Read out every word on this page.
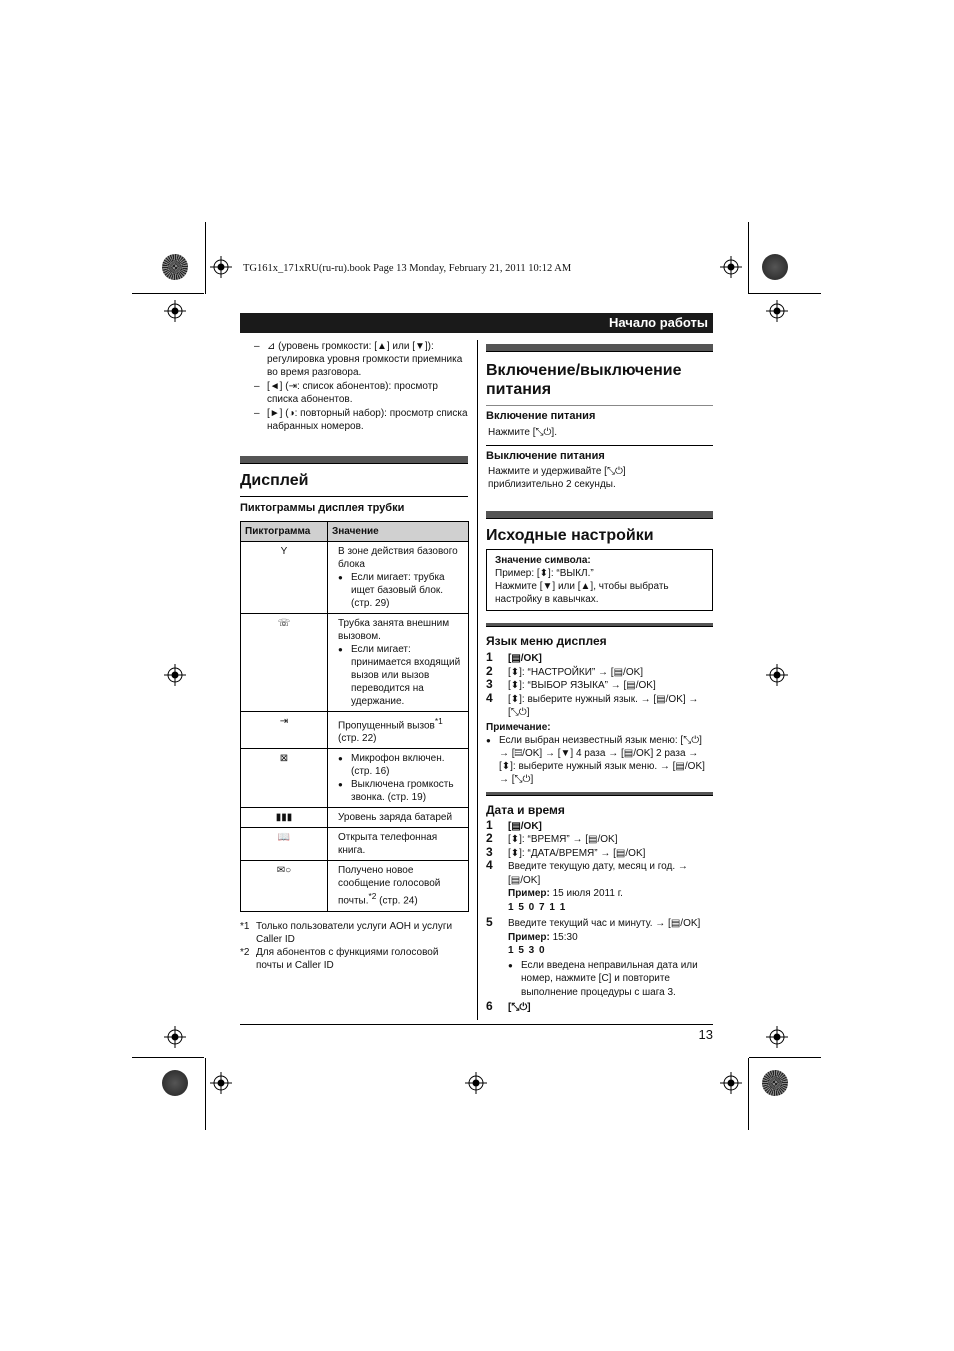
TG161x_171xRU(ru-ru).book Page 13 Monday, February 21, 2011 10:12 AM
Начало работы
– ⊿ (уровень громкости: [▲] или [▼]): регулировка уровня громкости приемника во время разговора.
– [◄] (⇥: список абонентов): просмотр списка абонентов.
– [►] (◑: повторный набор): просмотр списка набранных номеров.
Дисплей
Пиктограммы дисплея трубки
Пиктограмма	Значение
Y	В зоне действия базового блока
● Если мигает: трубка ищет базовый блок. (стр. 29)

☏	Трубка занята внешним вызовом.
● Если мигает: принимается входящий вызов или вызов переводится на удержание.

⇥	Пропущенный вызов$^{*1}$
(стр. 22)

⊠	● Микрофон включен. (стр. 16)
● Выключена громкость звонка. (стр. 19)

▮▮▮	Уровень заряда батарей

📖	Открыта телефонная книга.

✉○	Получено новое сообщение голосовой почты.$^{*2}$ (стр. 24)
*1 Только пользователи услуги АОН и услуги Caller ID
*2 Для абонентов с функциями голосовой почты и Caller ID
Включение/выключение питания
Включение питания
Нажмите [⤡⏻].
Выключение питания
Нажмите и удерживайте [⤡⏻] приблизительно 2 секунды.
Исходные настройки
Значение символа:
Пример: [⬍]: “ВЫКЛ.”
Нажмите [▼] или [▲], чтобы выбрать настройку в кавычках.
Язык меню дисплея
1 [▤/OK]
2 [⬍]: “НАСТРОЙКИ” → [▤/OK]
3 [⬍]: “ВЫБОР ЯЗЫКА” → [▤/OK]
4 [⬍]: выберите нужный язык. → [▤/OK] → [⤡⏻]
Примечание:
● Если выбран неизвестный язык меню: [⤡⏻] → [▤/OK] → [▼] 4 раза → [▤/OK] 2 раза → [⬍]: выберите нужный язык меню. → [▤/OK] → [⤡⏻]
Дата и время
1 [▤/OK]
2 [⬍]: “ВРЕМЯ” → [▤/OK]
3 [⬍]: “ДАТА/ВРЕМЯ” → [▤/OK]
4 Введите текущую дату, месяц и год. → [▤/OK]
Пример: 15 июля 2011 г.
1 5 0 7 1 1
5 Введите текущий час и минуту. → [▤/OK]
Пример: 15:30
1 5 3 0
● Если введена неправильная дата или номер, нажмите [C] и повторите выполнение процедуры с шага 3.
6 [⤡⏻]
13
